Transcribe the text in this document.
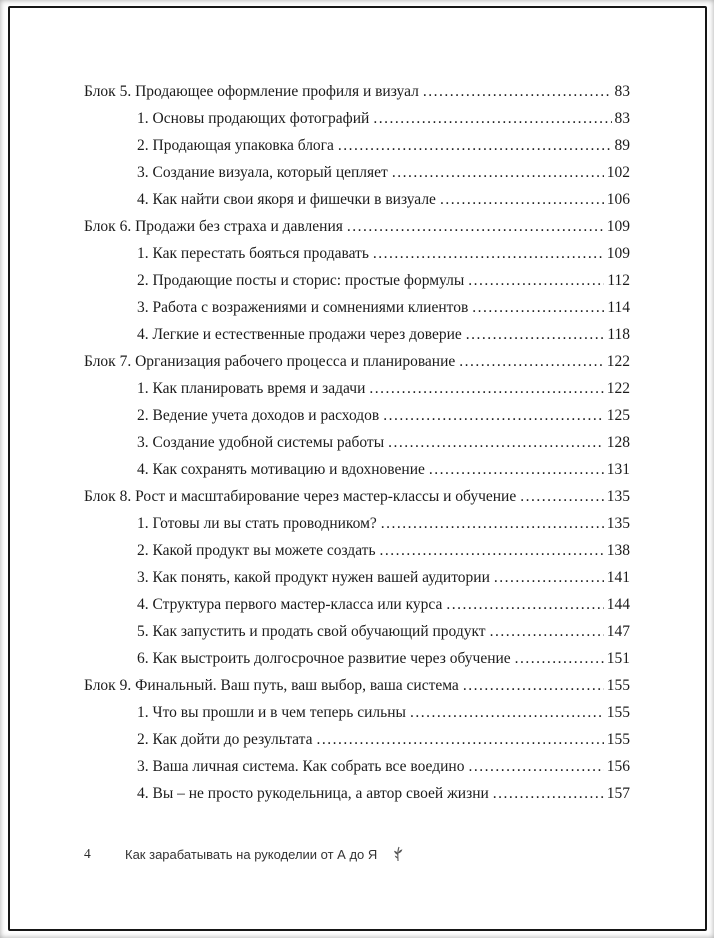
Блок 5. Продающее оформление профиля и визуал .....	83
1. Основы продающих фотографий .....	83
2. Продающая упаковка блога .....	89
3. Создание визуала, который цепляет .....	102
4. Как найти свои якоря и фишечки в визуале .....	106
Блок 6. Продажи без страха и давления .....	109
1. Как перестать бояться продавать .....	109
2. Продающие посты и сторис: простые формулы .....	112
3. Работа с возражениями и сомнениями клиентов .....	114
4. Легкие и естественные продажи через доверие .....	118
Блок 7. Организация рабочего процесса и планирование .....	122
1. Как планировать время и задачи .....	122
2. Ведение учета доходов и расходов .....	125
3. Создание удобной системы работы .....	128
4. Как сохранять мотивацию и вдохновение .....	131
Блок 8. Рост и масштабирование через мастер-классы и обучение .....	135
1. Готовы ли вы стать проводником? .....	135
2. Какой продукт вы можете создать .....	138
3. Как понять, какой продукт нужен вашей аудитории .....	141
4. Структура первого мастер-класса или курса .....	144
5. Как запустить и продать свой обучающий продукт .....	147
6. Как выстроить долгосрочное развитие через обучение .....	151
Блок 9. Финальный. Ваш путь, ваш выбор, ваша система .....	155
1. Что вы прошли и в чем теперь сильны .....	155
2. Как дойти до результата .....	155
3. Ваша личная система. Как собрать все воедино .....	156
4. Вы – не просто рукодельница, а автор своей жизни .....	157
4	Как зарабатывать на рукоделии от А до Я
